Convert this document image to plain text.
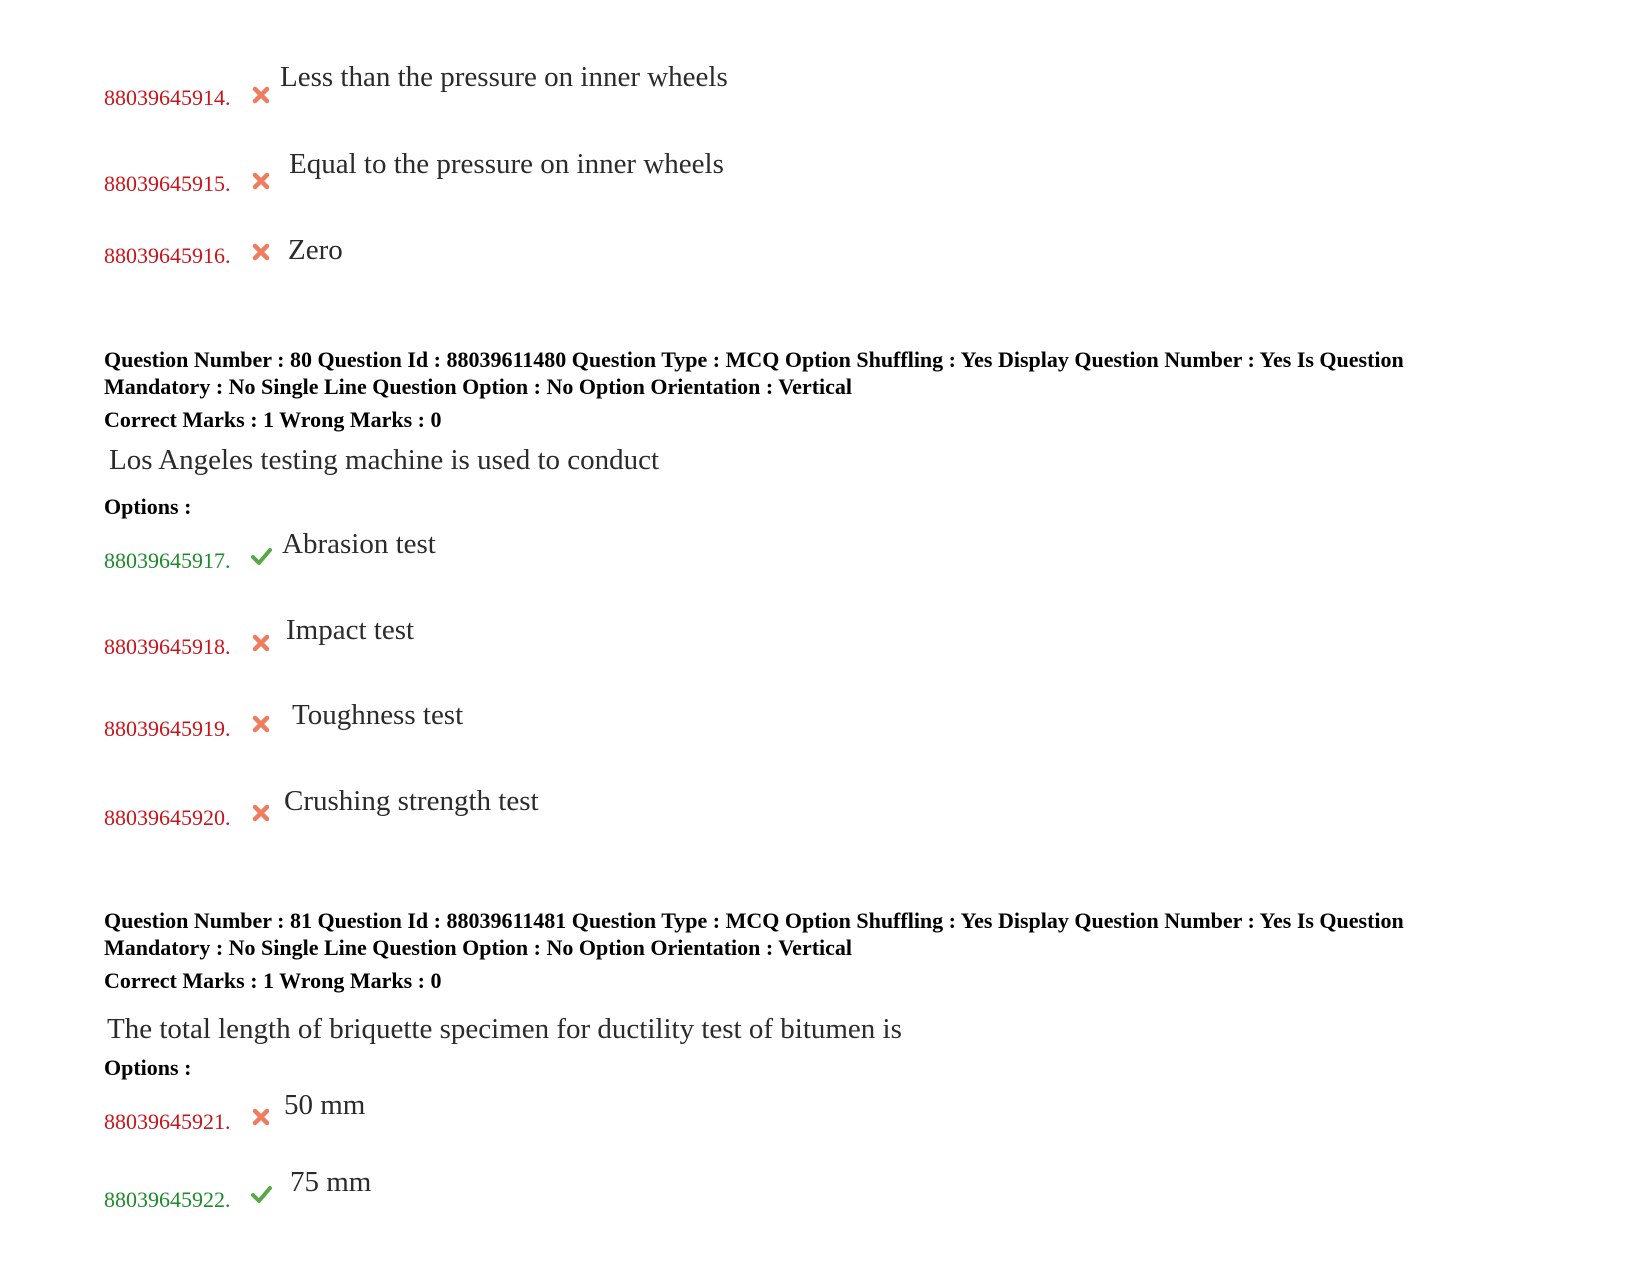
88039645914.
Less than the pressure on inner wheels
88039645915.
Equal to the pressure on inner wheels
88039645916. Zero
Question Number : 80 Question Id : 88039611480 Question Type : MCQ Option Shuffling : Yes Display Question Number : Yes Is Question
Mandatory : No Single Line Question Option : No Option Orientation : Vertical
Correct Marks : 1 Wrong Marks : 0
Los Angeles testing machine is used to conduct
Options :
88039645917.
Abrasion test
88039645918.
Impact test
88039645919. Toughness test
88039645920.
Crushing strength test
Question Number : 81 Question Id : 88039611481 Question Type : MCQ Option Shuffling : Yes Display Question Number : Yes Is Question
Mandatory : No Single Line Question Option : No Option Orientation : Vertical
Correct Marks : 1 Wrong Marks : 0
The total length of briquette specimen for ductility test of bitumen is
Options :
88039645921.
50 mm
88039645922.
75 mm
